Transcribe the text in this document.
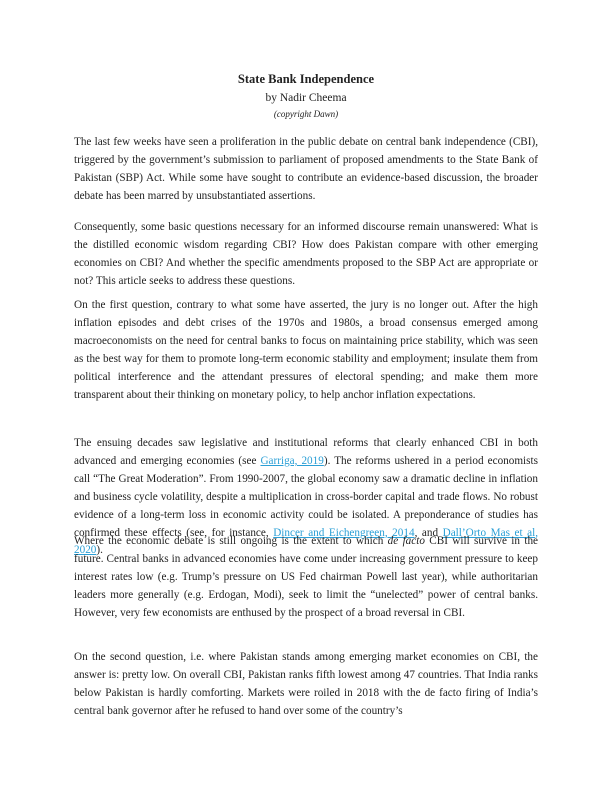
State Bank Independence
by Nadir Cheema
(copyright Dawn)

The last few weeks have seen a proliferation in the public debate on central bank independence (CBI), triggered by the government’s submission to parliament of proposed amendments to the State Bank of Pakistan (SBP) Act. While some have sought to contribute an evidence-based discussion, the broader debate has been marred by unsubstantiated assertions.

Consequently, some basic questions necessary for an informed discourse remain unanswered: What is the distilled economic wisdom regarding CBI? How does Pakistan compare with other emerging economies on CBI? And whether the specific amendments proposed to the SBP Act are appropriate or not? This article seeks to address these questions.

On the first question, contrary to what some have asserted, the jury is no longer out. After the high inflation episodes and debt crises of the 1970s and 1980s, a broad consensus emerged among macroeconomists on the need for central banks to focus on maintaining price stability, which was seen as the best way for them to promote long-term economic stability and employment; insulate them from political interference and the attendant pressures of electoral spending; and make them more transparent about their thinking on monetary policy, to help anchor inflation expectations.

The ensuing decades saw legislative and institutional reforms that clearly enhanced CBI in both advanced and emerging economies (see Garriga, 2019). The reforms ushered in a period economists call “The Great Moderation”. From 1990-2007, the global economy saw a dramatic decline in inflation and business cycle volatility, despite a multiplication in cross-border capital and trade flows. No robust evidence of a long-term loss in economic activity could be isolated. A preponderance of studies has confirmed these effects (see, for instance, Dincer and Eichengreen, 2014, and Dall’Orto Mas et al, 2020).

Where the economic debate is still ongoing is the extent to which de facto CBI will survive in the future. Central banks in advanced economies have come under increasing government pressure to keep interest rates low (e.g. Trump’s pressure on US Fed chairman Powell last year), while authoritarian leaders more generally (e.g. Erdogan, Modi), seek to limit the “unelected” power of central banks. However, very few economists are enthused by the prospect of a broad reversal in CBI.

On the second question, i.e. where Pakistan stands among emerging market economies on CBI, the answer is: pretty low. On overall CBI, Pakistan ranks fifth lowest among 47 countries. That India ranks below Pakistan is hardly comforting. Markets were roiled in 2018 with the de facto firing of India’s central bank governor after he refused to hand over some of the country’s
